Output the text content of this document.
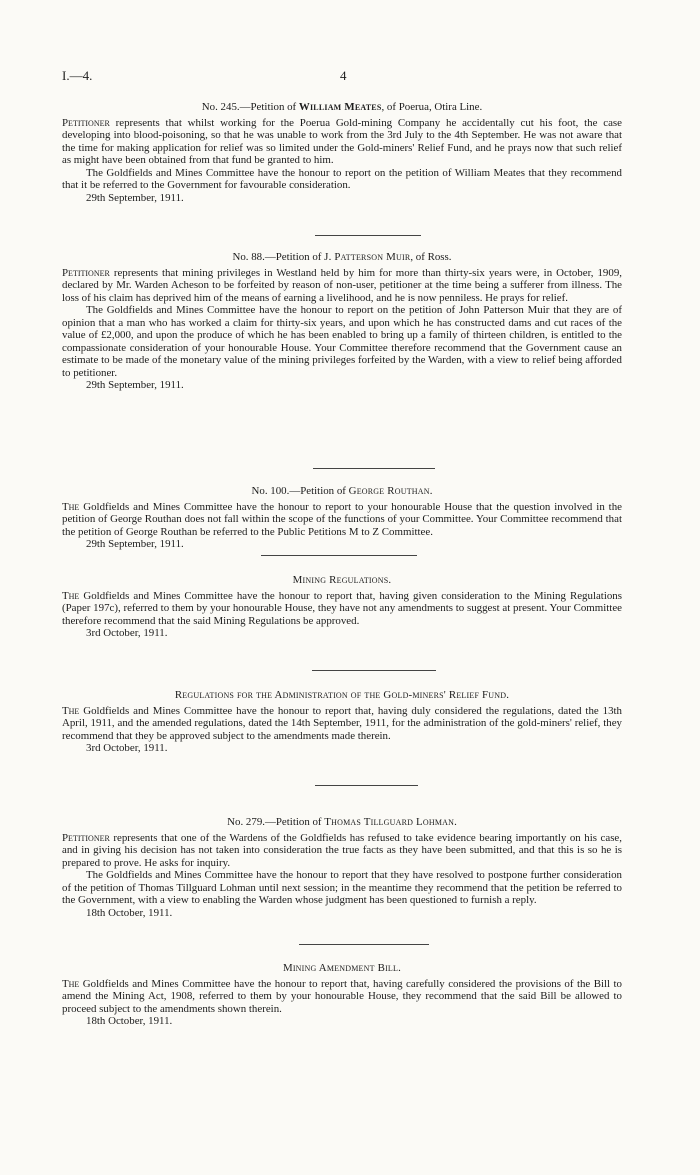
I.—4.	4
No. 245.—Petition of William Meates, of Poerua, Otira Line.

Petitioner represents that whilst working for the Poerua Gold-mining Company he accidentally cut his foot, the case developing into blood-poisoning, so that he was unable to work from the 3rd July to the 4th September. He was not aware that the time for making application for relief was so limited under the Gold-miners' Relief Fund, and he prays now that such relief as might have been obtained from that fund be granted to him.

The Goldfields and Mines Committee have the honour to report on the petition of William Meates that they recommend that it be referred to the Government for favourable consideration.

29th September, 1911.

No. 88.—Petition of J. Patterson Muir, of Ross.

Petitioner represents that mining privileges in Westland held by him for more than thirty-six years were, in October, 1909, declared by Mr. Warden Acheson to be forfeited by reason of non-user, petitioner at the time being a sufferer from illness. The loss of his claim has deprived him of the means of earning a livelihood, and he is now penniless. He prays for relief.

The Goldfields and Mines Committee have the honour to report on the petition of John Patterson Muir that they are of opinion that a man who has worked a claim for thirty-six years, and upon which he has constructed dams and cut races of the value of £2,000, and upon the produce of which he has been enabled to bring up a family of thirteen children, is entitled to the compassionate consideration of your honourable House. Your Committee therefore recommend that the Government cause an estimate to be made of the monetary value of the mining privileges forfeited by the Warden, with a view to relief being afforded to petitioner.

29th September, 1911.

No. 100.—Petition of George Routhan.

The Goldfields and Mines Committee have the honour to report to your honourable House that the question involved in the petition of George Routhan does not fall within the scope of the functions of your Committee. Your Committee recommend that the petition of George Routhan be referred to the Public Petitions M to Z Committee.

29th September, 1911.

Mining Regulations.

The Goldfields and Mines Committee have the honour to report that, having given consideration to the Mining Regulations (Paper 197c), referred to them by your honourable House, they have not any amendments to suggest at present. Your Committee therefore recommend that the said Mining Regulations be approved.

3rd October, 1911.

Regulations for the Administration of the Gold-miners' Relief Fund.

The Goldfields and Mines Committee have the honour to report that, having duly considered the regulations, dated the 13th April, 1911, and the amended regulations, dated the 14th September, 1911, for the administration of the gold-miners' relief, they recommend that they be approved subject to the amendments made therein.

3rd October, 1911.

No. 279.—Petition of Thomas Tillguard Lohman.

Petitioner represents that one of the Wardens of the Goldfields has refused to take evidence bearing importantly on his case, and in giving his decision has not taken into consideration the true facts as they have been submitted, and that this is so he is prepared to prove. He asks for inquiry.

The Goldfields and Mines Committee have the honour to report that they have resolved to postpone further consideration of the petition of Thomas Tillguard Lohman until next session; in the meantime they recommend that the petition be referred to the Government, with a view to enabling the Warden whose judgment has been questioned to furnish a reply.

18th October, 1911.

Mining Amendment Bill.

The Goldfields and Mines Committee have the honour to report that, having carefully considered the provisions of the Bill to amend the Mining Act, 1908, referred to them by your honourable House, they recommend that the said Bill be allowed to proceed subject to the amendments shown therein.

18th October, 1911.
